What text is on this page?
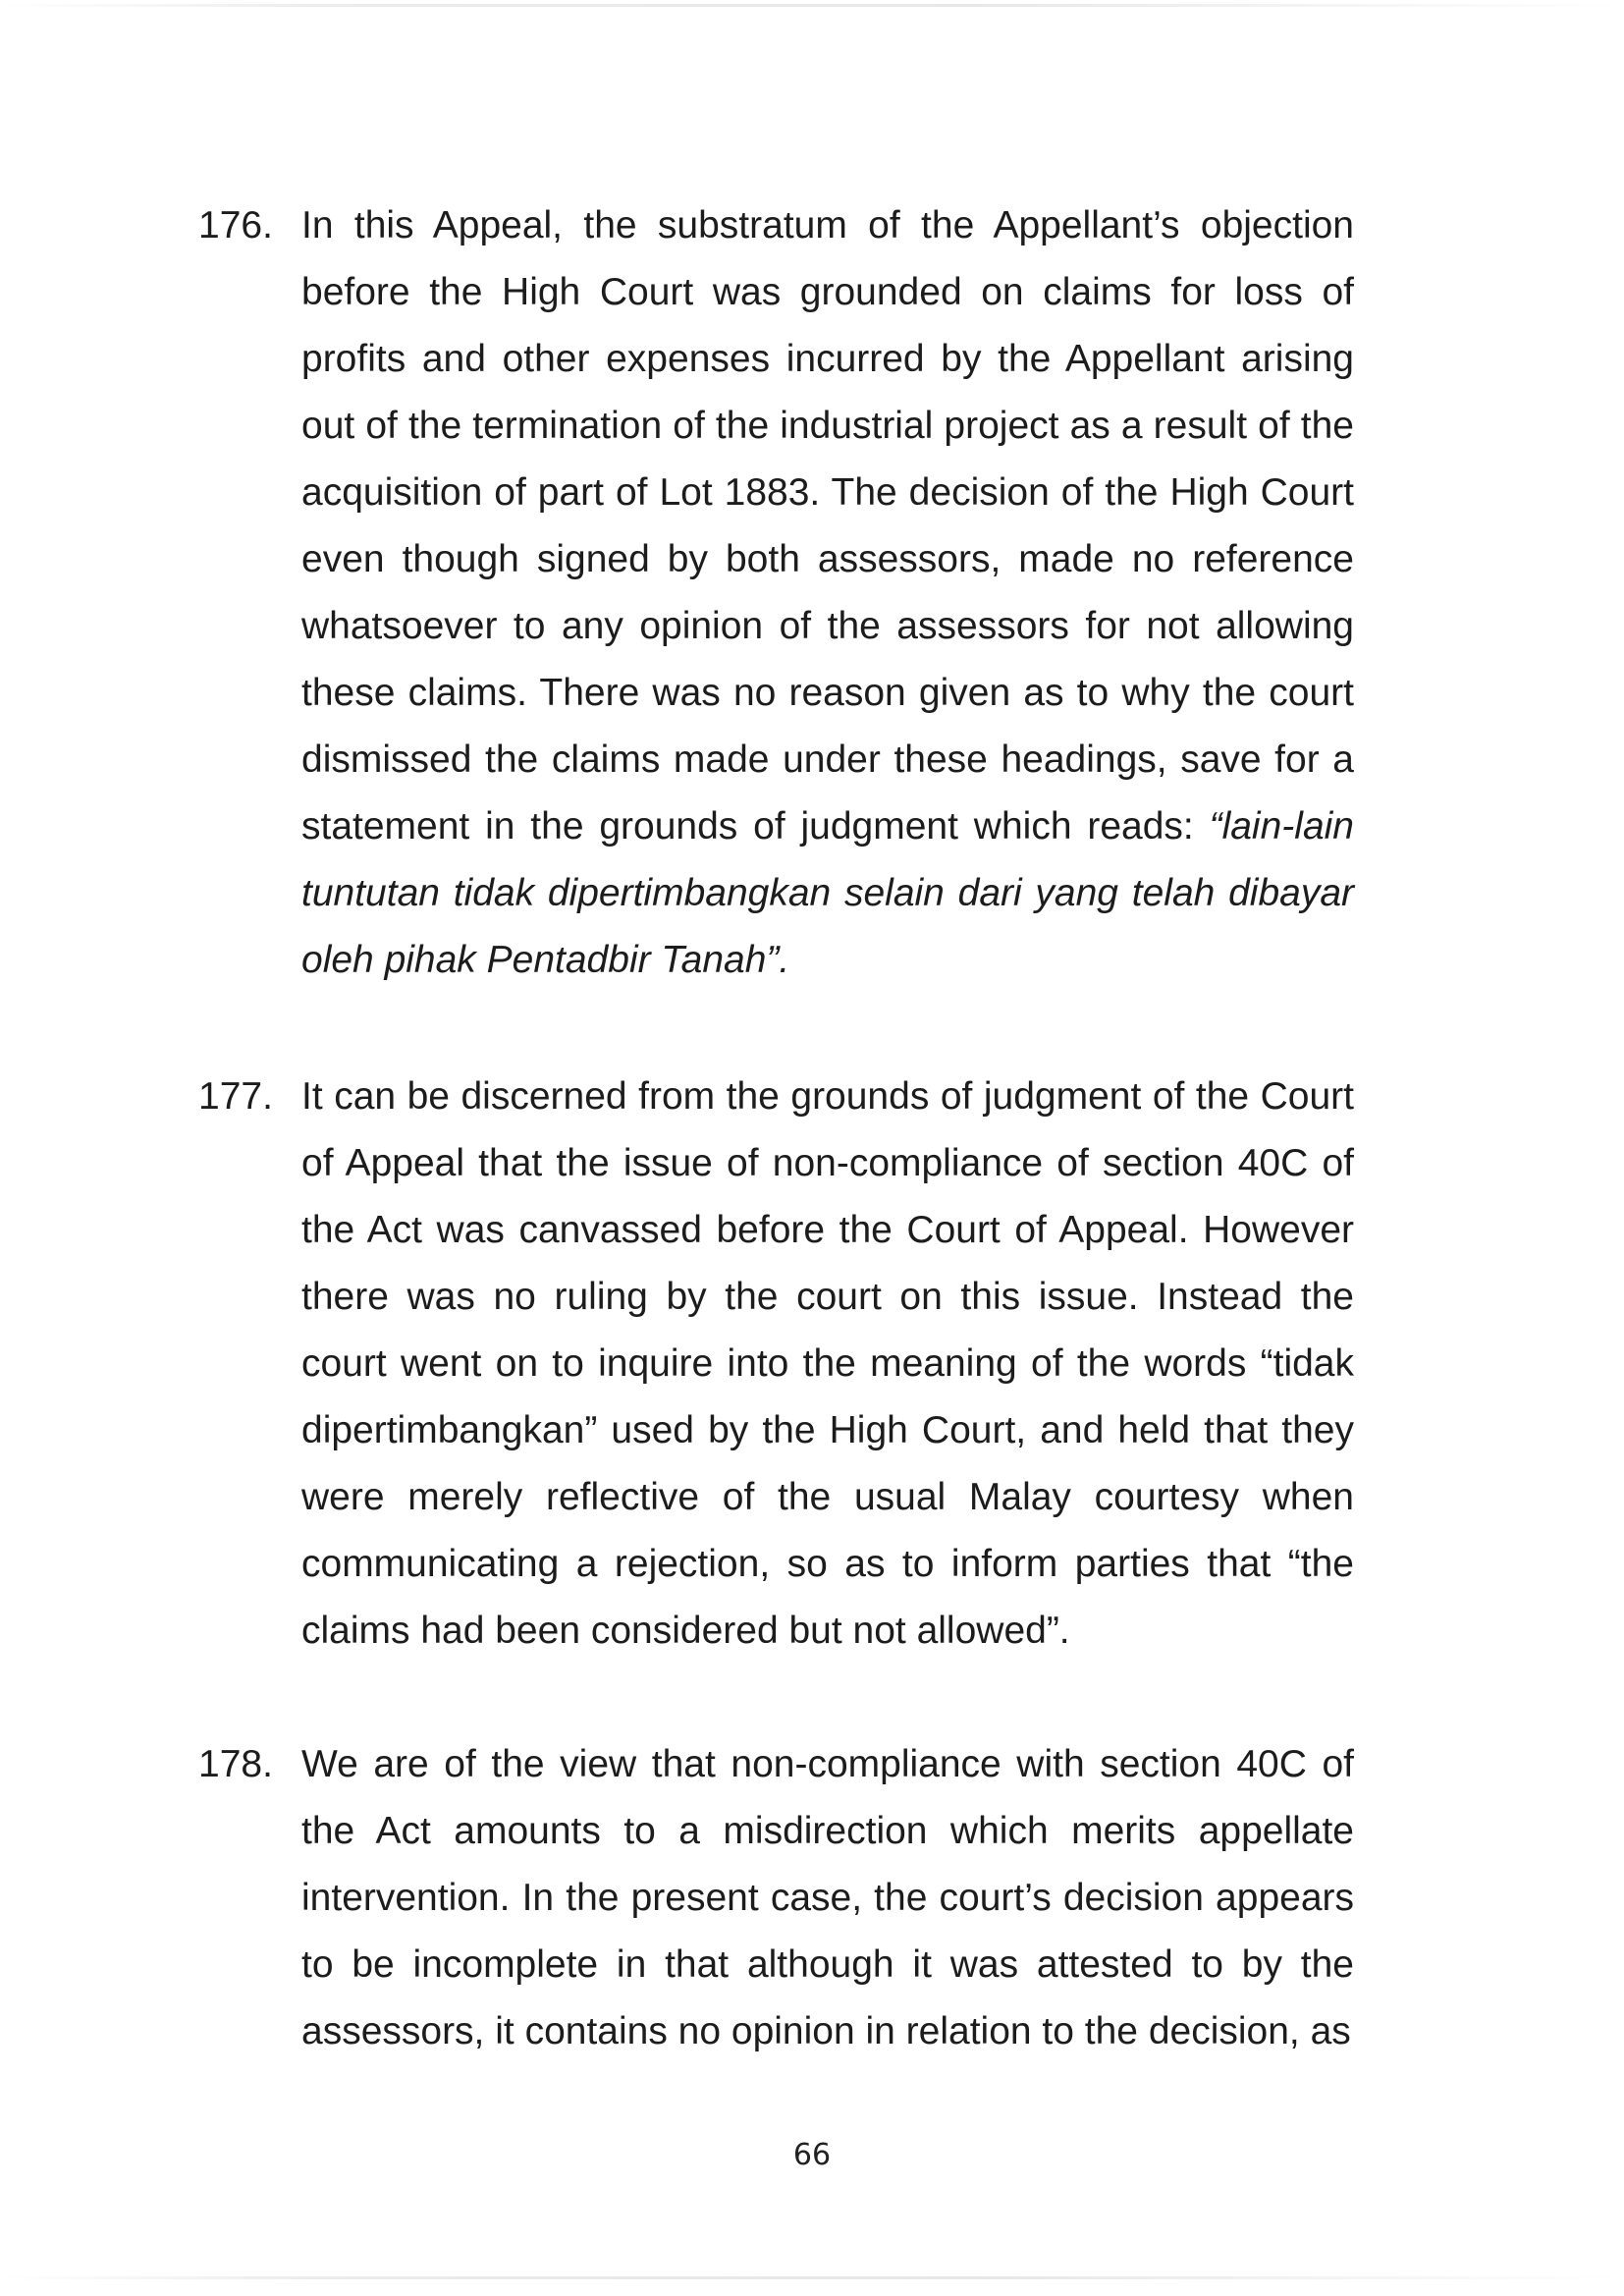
176. In this Appeal, the substratum of the Appellant’s objection before the High Court was grounded on claims for loss of profits and other expenses incurred by the Appellant arising out of the termination of the industrial project as a result of the acquisition of part of Lot 1883. The decision of the High Court even though signed by both assessors, made no reference whatsoever to any opinion of the assessors for not allowing these claims. There was no reason given as to why the court dismissed the claims made under these headings, save for a statement in the grounds of judgment which reads: “lain-lain tuntutan tidak dipertimbangkan selain dari yang telah dibayar oleh pihak Pentadbir Tanah”.
177. It can be discerned from the grounds of judgment of the Court of Appeal that the issue of non-compliance of section 40C of the Act was canvassed before the Court of Appeal. However there was no ruling by the court on this issue. Instead the court went on to inquire into the meaning of the words “tidak dipertimbangkan” used by the High Court, and held that they were merely reflective of the usual Malay courtesy when communicating a rejection, so as to inform parties that “the claims had been considered but not allowed”.
178. We are of the view that non-compliance with section 40C of the Act amounts to a misdirection which merits appellate intervention. In the present case, the court’s decision appears to be incomplete in that although it was attested to by the assessors, it contains no opinion in relation to the decision, as
66
